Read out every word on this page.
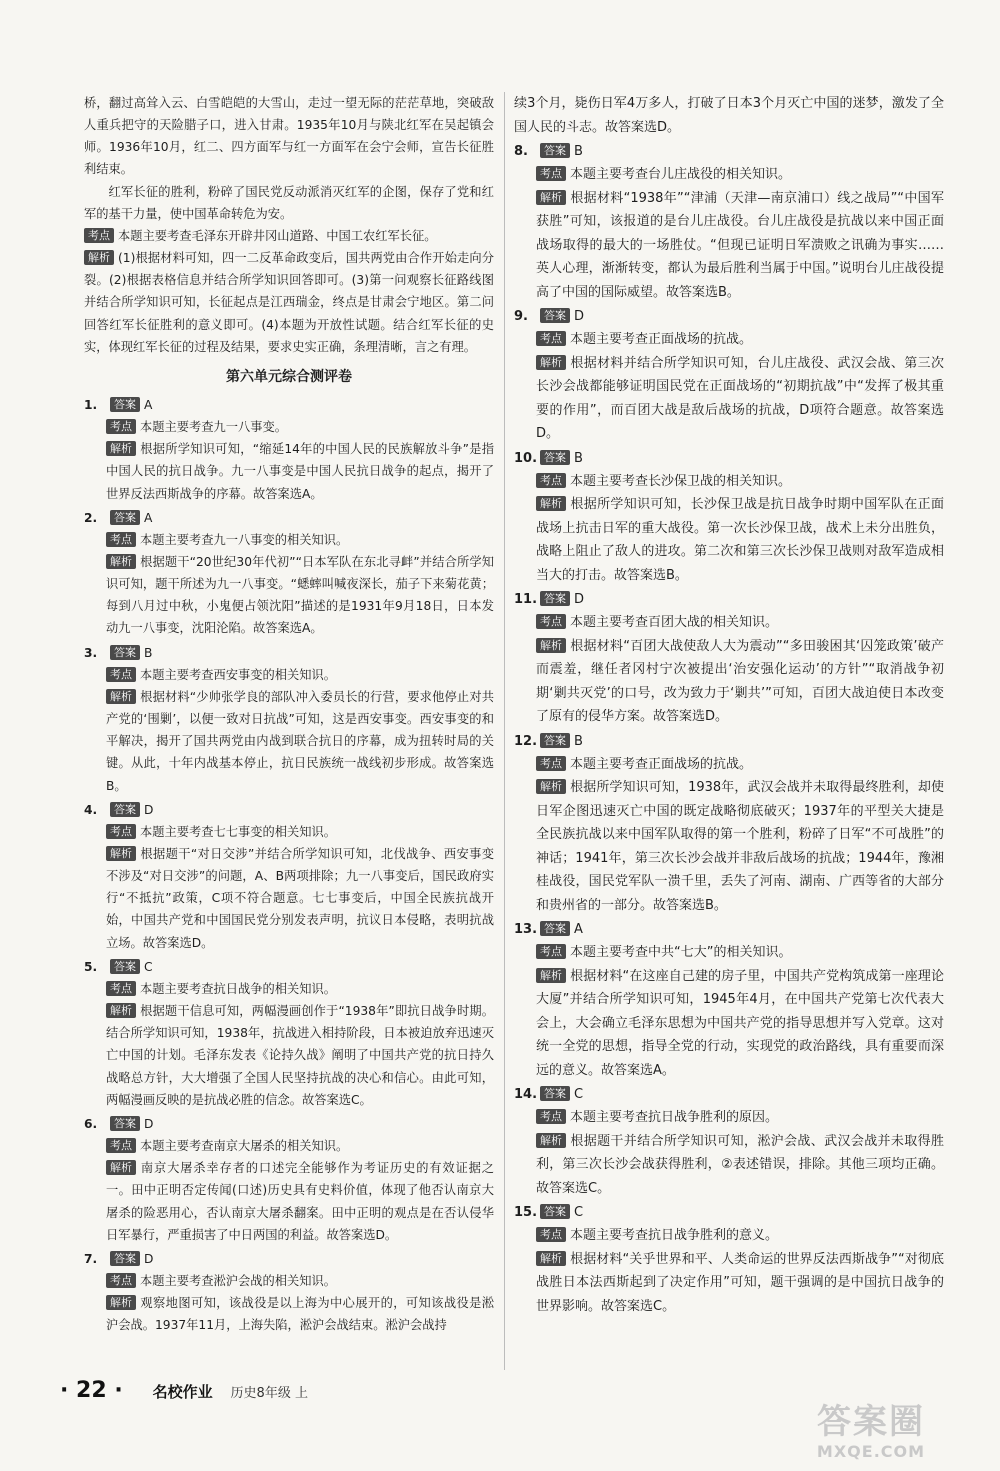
桥，翻过高耸入云、白雪皑皑的大雪山，走过一望无际的茫茫草地，突破敌人重兵把守的天险腊子口，进入甘肃。1935年10月与陕北红军在吴起镇会师。1936年10月，红二、四方面军与红一方面军在会宁会师，宣告长征胜利结束。

红军长征的胜利，粉碎了国民党反动派消灭红军的企图，保存了党和红军的基干力量，使中国革命转危为安。

考点 本题主要考查毛泽东开辟井冈山道路、中国工农红军长征。

解析 (1)根据材料可知，四一二反革命政变后，国共两党由合作开始走向分裂。(2)根据表格信息并结合所学知识回答即可。(3)第一问观察长征路线图并结合所学知识可知，长征起点是江西瑞金，终点是甘肃会宁地区。第二问回答红军长征胜利的意义即可。(4)本题为开放性试题。结合红军长征的史实，体现红军长征的过程及结果，要求史实正确，条理清晰，言之有理。

第六单元综合测评卷

1. 答案 A

考点 本题主要考查九一八事变。

解析 根据所学知识可知，“缩延14年的中国人民的民族解放斗争”是指中国人民的抗日战争。九一八事变是中国人民抗日战争的起点，揭开了世界反法西斯战争的序幕。故答案选A。

2. 答案 A

考点 本题主要考查九一八事变的相关知识。

解析 根据题干“20世纪30年代初”“日本军队在东北寻衅”并结合所学知识可知，题干所述为九一八事变。“蟋蟀叫喊夜深长，茄子下来菊花黄；每到八月过中秋，小鬼便占领沈阳”描述的是1931年9月18日，日本发动九一八事变，沈阳沦陷。故答案选A。

3. 答案 B

考点 本题主要考查西安事变的相关知识。

解析 根据材料“少帅张学良的部队冲入委员长的行营，要求他停止对共产党的‘围剿’，以便一致对日抗战”可知，这是西安事变。西安事变的和平解决，揭开了国共两党由内战到联合抗日的序幕，成为扭转时局的关键。从此，十年内战基本停止，抗日民族统一战线初步形成。故答案选B。

4. 答案 D

考点 本题主要考查七七事变的相关知识。

解析 根据题干“对日交涉”并结合所学知识可知，北伐战争、西安事变不涉及“对日交涉”的问题，A、B两项排除；九一八事变后，国民政府实行“不抵抗”政策，C项不符合题意。七七事变后，中国全民族抗战开始，中国共产党和中国国民党分别发表声明，抗议日本侵略，表明抗战立场。故答案选D。

5. 答案 C

考点 本题主要考查抗日战争的相关知识。

解析 根据题干信息可知，两幅漫画创作于“1938年”即抗日战争时期。结合所学知识可知，1938年，抗战进入相持阶段，日本被迫放弃迅速灭亡中国的计划。毛泽东发表《论持久战》阐明了中国共产党的抗日持久战略总方针，大大增强了全国人民坚持抗战的决心和信心。由此可知，两幅漫画反映的是抗战必胜的信念。故答案选C。

6. 答案 D

考点 本题主要考查南京大屠杀的相关知识。

解析 南京大屠杀幸存者的口述完全能够作为考证历史的有效证据之一。田中正明否定传闻(口述)历史具有史料价值，体现了他否认南京大屠杀的险恶用心，否认南京大屠杀翻案。田中正明的观点是在否认侵华日军暴行，严重损害了中日两国的利益。故答案选D。

7. 答案 D

考点 本题主要考查淞沪会战的相关知识。

解析 观察地图可知，该战役是以上海为中心展开的，可知该战役是淞沪会战。1937年11月，上海失陷，淞沪会战结束。淞沪会战持

续3个月，毙伤日军4万多人，打破了日本3个月灭亡中国的迷梦，激发了全国人民的斗志。故答案选D。

8. 答案 B

考点 本题主要考查台儿庄战役的相关知识。

解析 根据材料“1938年”“津浦（天津—南京浦口）线之战局”“中国军获胜”可知，该报道的是台儿庄战役。台儿庄战役是抗战以来中国正面战场取得的最大的一场胜仗。“但现已证明日军溃败之讯确为事实……英人心理，渐渐转变，都认为最后胜利当属于中国。”说明台儿庄战役提高了中国的国际威望。故答案选B。

9. 答案 D

考点 本题主要考查正面战场的抗战。

解析 根据材料并结合所学知识可知，台儿庄战役、武汉会战、第三次长沙会战都能够证明国民党在正面战场的“初期抗战”中“发挥了极其重要的作用”，而百团大战是敌后战场的抗战，D项符合题意。故答案选D。

10. 答案 B

考点 本题主要考查长沙保卫战的相关知识。

解析 根据所学知识可知，长沙保卫战是抗日战争时期中国军队在正面战场上抗击日军的重大战役。第一次长沙保卫战，战术上未分出胜负，战略上阻止了敌人的进攻。第二次和第三次长沙保卫战则对敌军造成相当大的打击。故答案选B。

11. 答案 D

考点 本题主要考查百团大战的相关知识。

解析 根据材料“百团大战使敌人大为震动”“多田骏困其‘囚笼政策’破产而震羞，继任者冈村宁次被提出‘治安强化运动’的方针”“取消战争初期‘剿共灭党’的口号，改为致力于‘剿共’”可知，百团大战迫使日本改变了原有的侵华方案。故答案选D。

12. 答案 B

考点 本题主要考查正面战场的抗战。

解析 根据所学知识可知，1938年，武汉会战并未取得最终胜利，却使日军企图迅速灭亡中国的既定战略彻底破灭；1937年的平型关大捷是全民族抗战以来中国军队取得的第一个胜利，粉碎了日军“不可战胜”的神话；1941年，第三次长沙会战并非敌后战场的抗战；1944年，豫湘桂战役，国民党军队一溃千里，丢失了河南、湖南、广西等省的大部分和贵州省的一部分。故答案选B。

13. 答案 A

考点 本题主要考查中共“七大”的相关知识。

解析 根据材料“在这座自己建的房子里，中国共产党构筑成第一座理论大厦”并结合所学知识可知，1945年4月，在中国共产党第七次代表大会上，大会确立毛泽东思想为中国共产党的指导思想并写入党章。这对统一全党的思想，指导全党的行动，实现党的政治路线，具有重要而深远的意义。故答案选A。

14. 答案 C

考点 本题主要考查抗日战争胜利的原因。

解析 根据题干并结合所学知识可知，淞沪会战、武汉会战并未取得胜利，第三次长沙会战获得胜利，②表述错误，排除。其他三项均正确。故答案选C。

15. 答案 C

考点 本题主要考查抗日战争胜利的意义。

解析 根据材料“关乎世界和平、人类命运的世界反法西斯战争”“对彻底战胜日本法西斯起到了决定作用”可知，题干强调的是中国抗日战争的世界影响。故答案选C。

· 22 · 名校作业 历史8年级 上
答案圈
MXQE.COM
